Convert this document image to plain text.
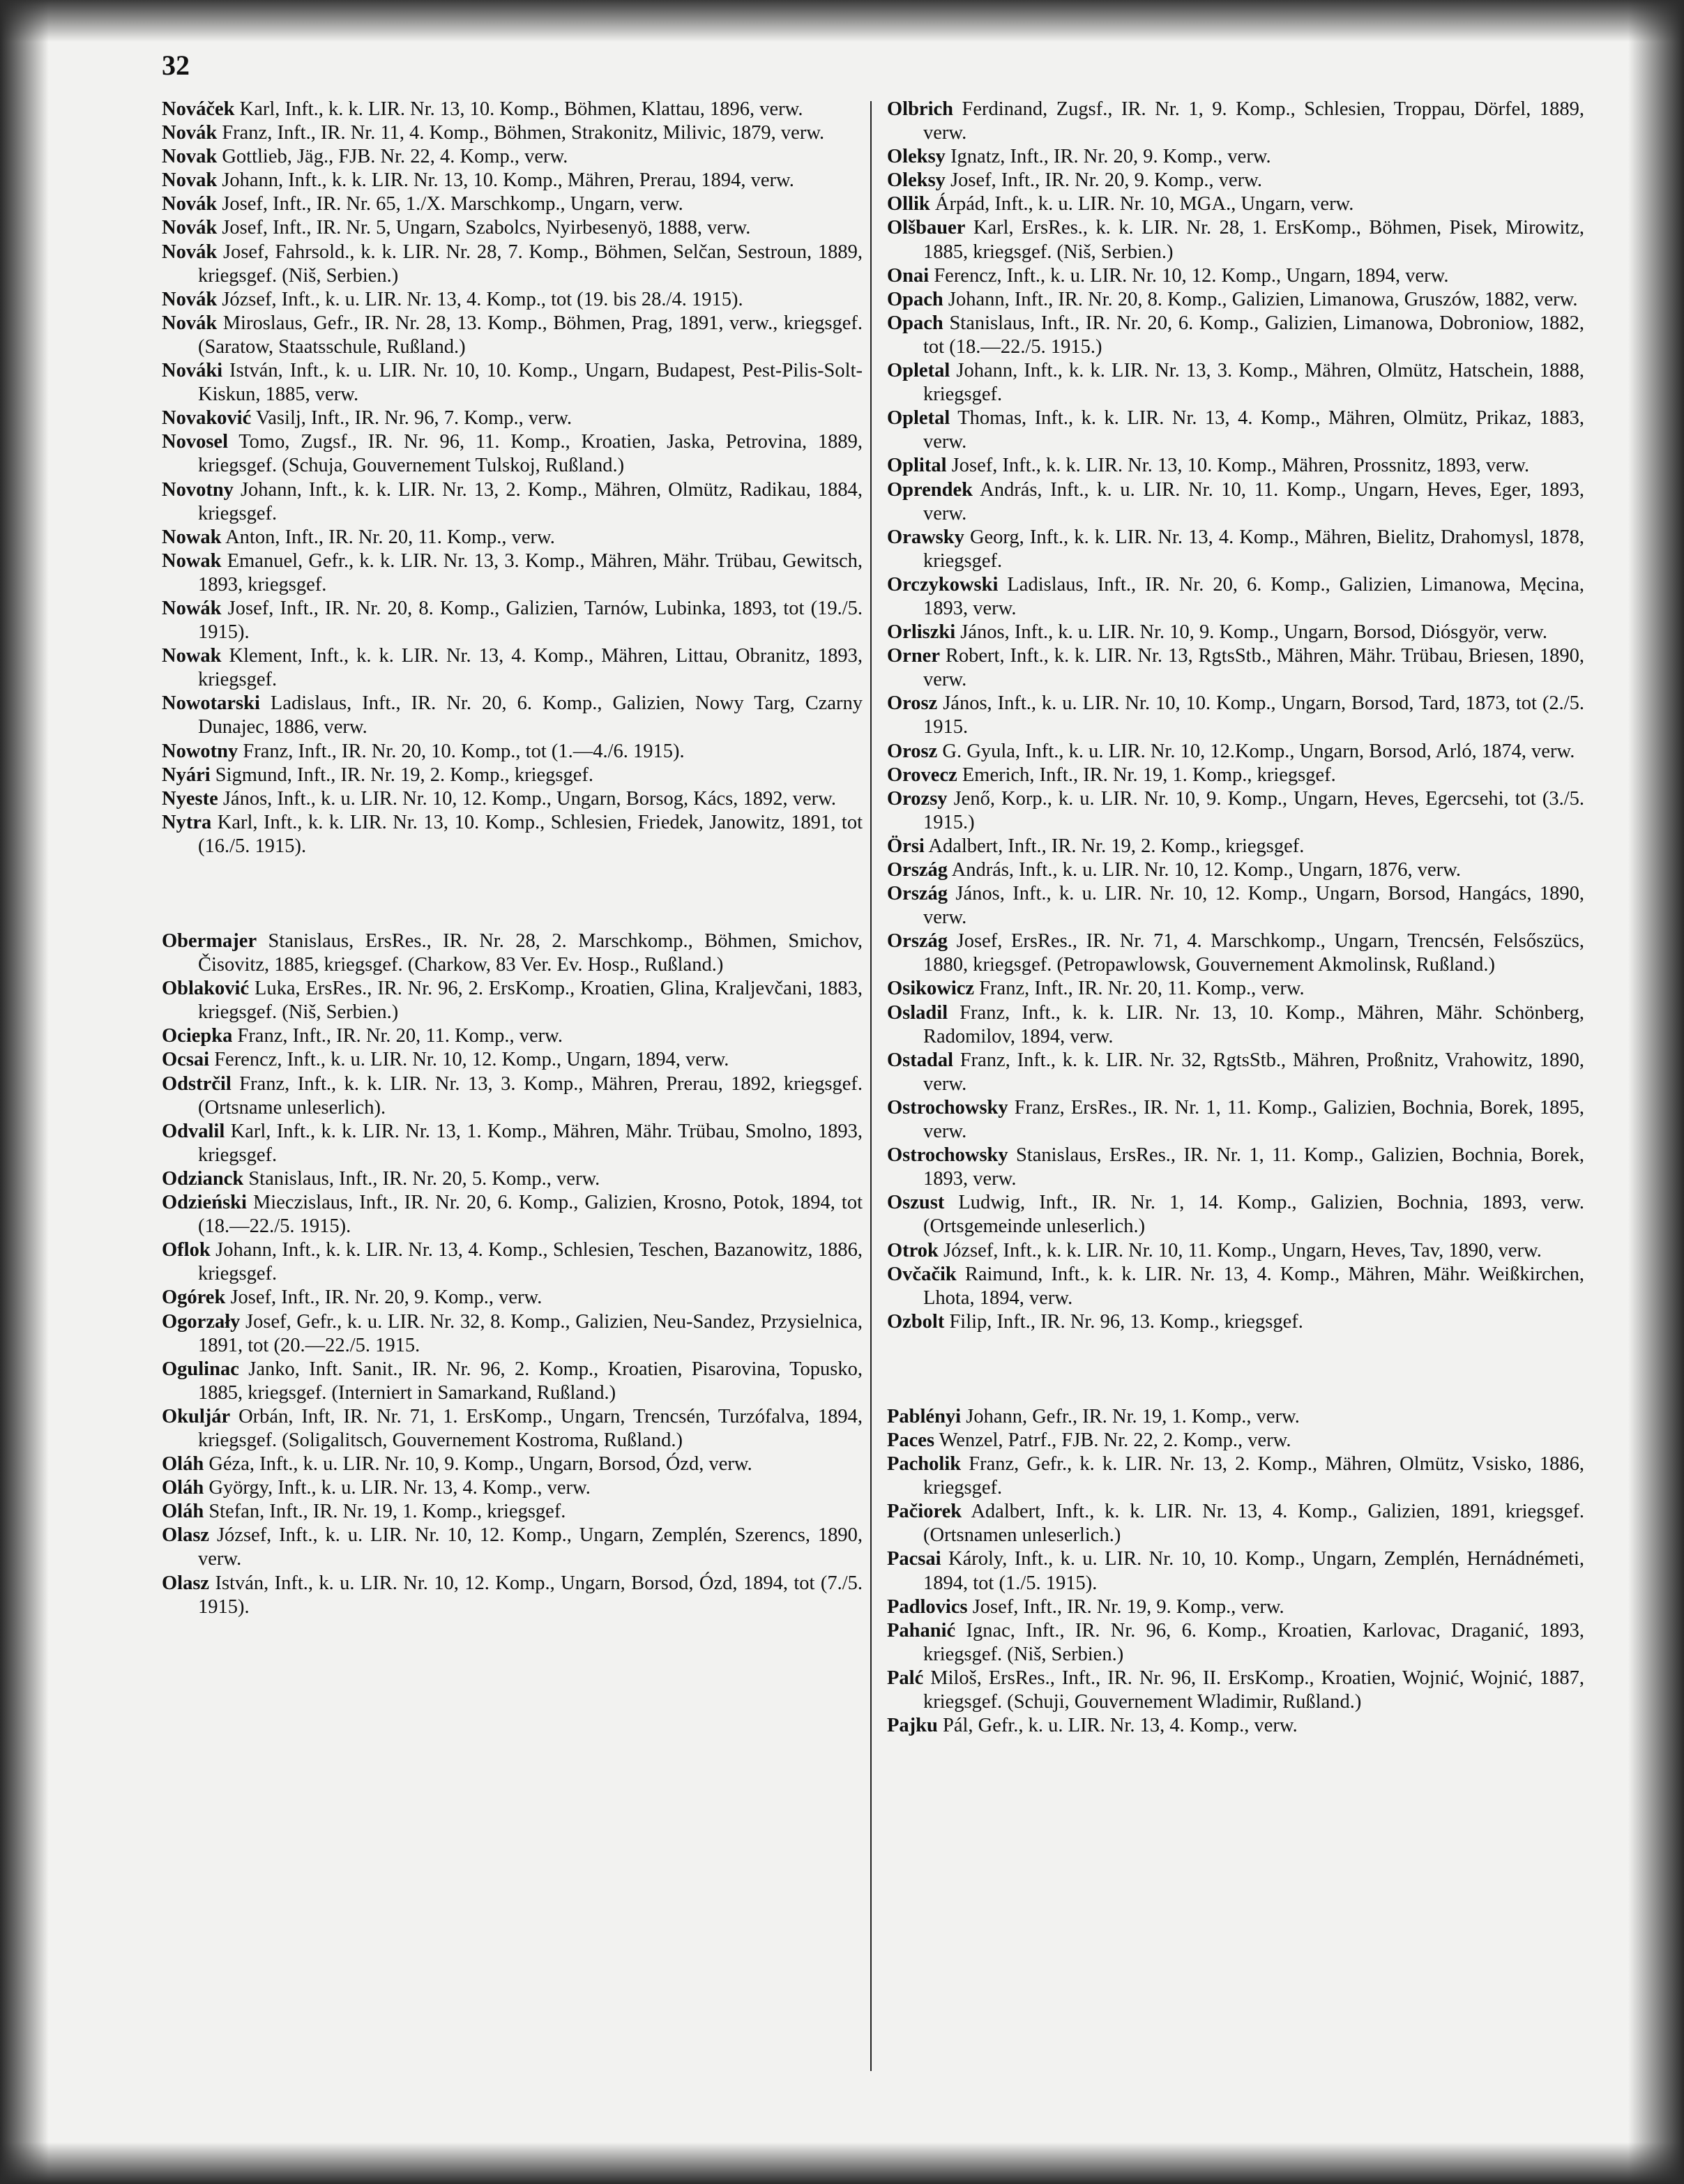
32

Nováček Karl, Inft., k. k. LIR. Nr. 13, 10. Komp., Böhmen, Klattau, 1896, verw.

Novák Franz, Inft., IR. Nr. 11, 4. Komp., Böhmen, Strakonitz, Milivic, 1879, verw.

Novak Gottlieb, Jäg., FJB. Nr. 22, 4. Komp., verw.

Novak Johann, Inft., k. k. LIR. Nr. 13, 10. Komp., Mähren, Prerau, 1894, verw.

Novák Josef, Inft., IR. Nr. 65, 1./X. Marschkomp., Ungarn, verw.

Novák Josef, Inft., IR. Nr. 5, Ungarn, Szabolcs, Nyirbesenyö, 1888, verw.

Novák Josef, Fahrsold., k. k. LIR. Nr. 28, 7. Komp., Böhmen, Selčan, Sestroun, 1889, kriegsgef. (Niš, Serbien.)

Novák József, Inft., k. u. LIR. Nr. 13, 4. Komp., tot (19. bis 28./4. 1915).

Novák Miroslaus, Gefr., IR. Nr. 28, 13. Komp., Böhmen, Prag, 1891, verw., kriegsgef. (Saratow, Staatsschule, Rußland.)

Nováki István, Inft., k. u. LIR. Nr. 10, 10. Komp., Ungarn, Budapest, Pest-Pilis-Solt-Kiskun, 1885, verw.

Novaković Vasilj, Inft., IR. Nr. 96, 7. Komp., verw.

Novosel Tomo, Zugsf., IR. Nr. 96, 11. Komp., Kroatien, Jaska, Petrovina, 1889, kriegsgef. (Schuja, Gouvernement Tulskoj, Rußland.)

Novotny Johann, Inft., k. k. LIR. Nr. 13, 2. Komp., Mähren, Olmütz, Radikau, 1884, kriegsgef.

Nowak Anton, Inft., IR. Nr. 20, 11. Komp., verw.

Nowak Emanuel, Gefr., k. k. LIR. Nr. 13, 3. Komp., Mähren, Mähr. Trübau, Gewitsch, 1893, kriegsgef.

Nowák Josef, Inft., IR. Nr. 20, 8. Komp., Galizien, Tarnów, Lubinka, 1893, tot (19./5. 1915).

Nowak Klement, Inft., k. k. LIR. Nr. 13, 4. Komp., Mähren, Littau, Obranitz, 1893, kriegsgef.

Nowotarski Ladislaus, Inft., IR. Nr. 20, 6. Komp., Galizien, Nowy Targ, Czarny Dunajec, 1886, verw.

Nowotny Franz, Inft., IR. Nr. 20, 10. Komp., tot (1.—4./6. 1915).

Nyári Sigmund, Inft., IR. Nr. 19, 2. Komp., kriegsgef.

Nyeste János, Inft., k. u. LIR. Nr. 10, 12. Komp., Ungarn, Borsog, Kács, 1892, verw.

Nytra Karl, Inft., k. k. LIR. Nr. 13, 10. Komp., Schlesien, Friedek, Janowitz, 1891, tot (16./5. 1915).

Obermajer Stanislaus, ErsRes., IR. Nr. 28, 2. Marschkomp., Böhmen, Smichov, Čisovitz, 1885, kriegsgef. (Charkow, 83 Ver. Ev. Hosp., Rußland.)

Oblaković Luka, ErsRes., IR. Nr. 96, 2. ErsKomp., Kroatien, Glina, Kraljevčani, 1883, kriegsgef. (Niš, Serbien.)

Ociepka Franz, Inft., IR. Nr. 20, 11. Komp., verw.

Ocsai Ferencz, Inft., k. u. LIR. Nr. 10, 12. Komp., Ungarn, 1894, verw.

Odstrčil Franz, Inft., k. k. LIR. Nr. 13, 3. Komp., Mähren, Prerau, 1892, kriegsgef. (Ortsname unleserlich).

Odvalil Karl, Inft., k. k. LIR. Nr. 13, 1. Komp., Mähren, Mähr. Trübau, Smolno, 1893, kriegsgef.

Odzianck Stanislaus, Inft., IR. Nr. 20, 5. Komp., verw.

Odzieński Mieczislaus, Inft., IR. Nr. 20, 6. Komp., Galizien, Krosno, Potok, 1894, tot (18.—22./5. 1915).

Oflok Johann, Inft., k. k. LIR. Nr. 13, 4. Komp., Schlesien, Teschen, Bazanowitz, 1886, kriegsgef.

Ogórek Josef, Inft., IR. Nr. 20, 9. Komp., verw.

Ogorzały Josef, Gefr., k. u. LIR. Nr. 32, 8. Komp., Galizien, Neu-Sandez, Przysielnica, 1891, tot (20.—22./5. 1915.

Ogulinac Janko, Inft. Sanit., IR. Nr. 96, 2. Komp., Kroatien, Pisarovina, Topusko, 1885, kriegsgef. (Interniert in Samarkand, Rußland.)

Okuljár Orbán, Inft, IR. Nr. 71, 1. ErsKomp., Ungarn, Trencsén, Turzófalva, 1894, kriegsgef. (Soligalitsch, Gouvernement Kostroma, Rußland.)

Oláh Géza, Inft., k. u. LIR. Nr. 10, 9. Komp., Ungarn, Borsod, Ózd, verw.

Oláh György, Inft., k. u. LIR. Nr. 13, 4. Komp., verw.

Oláh Stefan, Inft., IR. Nr. 19, 1. Komp., kriegsgef.

Olasz József, Inft., k. u. LIR. Nr. 10, 12. Komp., Ungarn, Zemplén, Szerencs, 1890, verw.

Olasz István, Inft., k. u. LIR. Nr. 10, 12. Komp., Ungarn, Borsod, Ózd, 1894, tot (7./5. 1915).

Olbrich Ferdinand, Zugsf., IR. Nr. 1, 9. Komp., Schlesien, Troppau, Dörfel, 1889, verw.

Oleksy Ignatz, Inft., IR. Nr. 20, 9. Komp., verw.

Oleksy Josef, Inft., IR. Nr. 20, 9. Komp., verw.

Ollik Árpád, Inft., k. u. LIR. Nr. 10, MGA., Ungarn, verw.

Olšbauer Karl, ErsRes., k. k. LIR. Nr. 28, 1. ErsKomp., Böhmen, Pisek, Mirowitz, 1885, kriegsgef. (Niš, Serbien.)

Onai Ferencz, Inft., k. u. LIR. Nr. 10, 12. Komp., Ungarn, 1894, verw.

Opach Johann, Inft., IR. Nr. 20, 8. Komp., Galizien, Limanowa, Gruszów, 1882, verw.

Opach Stanislaus, Inft., IR. Nr. 20, 6. Komp., Galizien, Limanowa, Dobroniow, 1882, tot (18.—22./5. 1915.)

Opletal Johann, Inft., k. k. LIR. Nr. 13, 3. Komp., Mähren, Olmütz, Hatschein, 1888, kriegsgef.

Opletal Thomas, Inft., k. k. LIR. Nr. 13, 4. Komp., Mähren, Olmütz, Prikaz, 1883, verw.

Oplital Josef, Inft., k. k. LIR. Nr. 13, 10. Komp., Mähren, Prossnitz, 1893, verw.

Oprendek András, Inft., k. u. LIR. Nr. 10, 11. Komp., Ungarn, Heves, Eger, 1893, verw.

Orawsky Georg, Inft., k. k. LIR. Nr. 13, 4. Komp., Mähren, Bielitz, Drahomysl, 1878, kriegsgef.

Orczykowski Ladislaus, Inft., IR. Nr. 20, 6. Komp., Galizien, Limanowa, Męcina, 1893, verw.

Orliszki János, Inft., k. u. LIR. Nr. 10, 9. Komp., Ungarn, Borsod, Diósgyör, verw.

Orner Robert, Inft., k. k. LIR. Nr. 13, RgtsStb., Mähren, Mähr. Trübau, Briesen, 1890, verw.

Orosz János, Inft., k. u. LIR. Nr. 10, 10. Komp., Ungarn, Borsod, Tard, 1873, tot (2./5. 1915.

Orosz G. Gyula, Inft., k. u. LIR. Nr. 10, 12.Komp., Ungarn, Borsod, Arló, 1874, verw.

Orovecz Emerich, Inft., IR. Nr. 19, 1. Komp., kriegsgef.

Orozsy Jenő, Korp., k. u. LIR. Nr. 10, 9. Komp., Ungarn, Heves, Egercsehi, tot (3./5. 1915.)

Örsi Adalbert, Inft., IR. Nr. 19, 2. Komp., kriegsgef.

Ország András, Inft., k. u. LIR. Nr. 10, 12. Komp., Ungarn, 1876, verw.

Ország János, Inft., k. u. LIR. Nr. 10, 12. Komp., Ungarn, Borsod, Hangács, 1890, verw.

Ország Josef, ErsRes., IR. Nr. 71, 4. Marschkomp., Ungarn, Trencsén, Felsőszücs, 1880, kriegsgef. (Petropawlowsk, Gouvernement Akmolinsk, Rußland.)

Osikowicz Franz, Inft., IR. Nr. 20, 11. Komp., verw.

Osladil Franz, Inft., k. k. LIR. Nr. 13, 10. Komp., Mähren, Mähr. Schönberg, Radomilov, 1894, verw.

Ostadal Franz, Inft., k. k. LIR. Nr. 32, RgtsStb., Mähren, Proßnitz, Vrahowitz, 1890, verw.

Ostrochowsky Franz, ErsRes., IR. Nr. 1, 11. Komp., Galizien, Bochnia, Borek, 1895, verw.

Ostrochowsky Stanislaus, ErsRes., IR. Nr. 1, 11. Komp., Galizien, Bochnia, Borek, 1893, verw.

Oszust Ludwig, Inft., IR. Nr. 1, 14. Komp., Galizien, Bochnia, 1893, verw. (Ortsgemeinde unleserlich.)

Otrok József, Inft., k. k. LIR. Nr. 10, 11. Komp., Ungarn, Heves, Tav, 1890, verw.

Ovčačik Raimund, Inft., k. k. LIR. Nr. 13, 4. Komp., Mähren, Mähr. Weißkirchen, Lhota, 1894, verw.

Ozbolt Filip, Inft., IR. Nr. 96, 13. Komp., kriegsgef.

Pablényi Johann, Gefr., IR. Nr. 19, 1. Komp., verw.

Paces Wenzel, Patrf., FJB. Nr. 22, 2. Komp., verw.

Pacholik Franz, Gefr., k. k. LIR. Nr. 13, 2. Komp., Mähren, Olmütz, Vsisko, 1886, kriegsgef.

Pačiorek Adalbert, Inft., k. k. LIR. Nr. 13, 4. Komp., Galizien, 1891, kriegsgef. (Ortsnamen unleserlich.)

Pacsai Károly, Inft., k. u. LIR. Nr. 10, 10. Komp., Ungarn, Zemplén, Hernádnémeti, 1894, tot (1./5. 1915).

Padlovics Josef, Inft., IR. Nr. 19, 9. Komp., verw.

Pahanić Ignac, Inft., IR. Nr. 96, 6. Komp., Kroatien, Karlovac, Draganić, 1893, kriegsgef. (Niš, Serbien.)

Palć Miloš, ErsRes., Inft., IR. Nr. 96, II. ErsKomp., Kroatien, Wojnić, Wojnić, 1887, kriegsgef. (Schuji, Gouvernement Wladimir, Rußland.)

Pajku Pál, Gefr., k. u. LIR. Nr. 13, 4. Komp., verw.
